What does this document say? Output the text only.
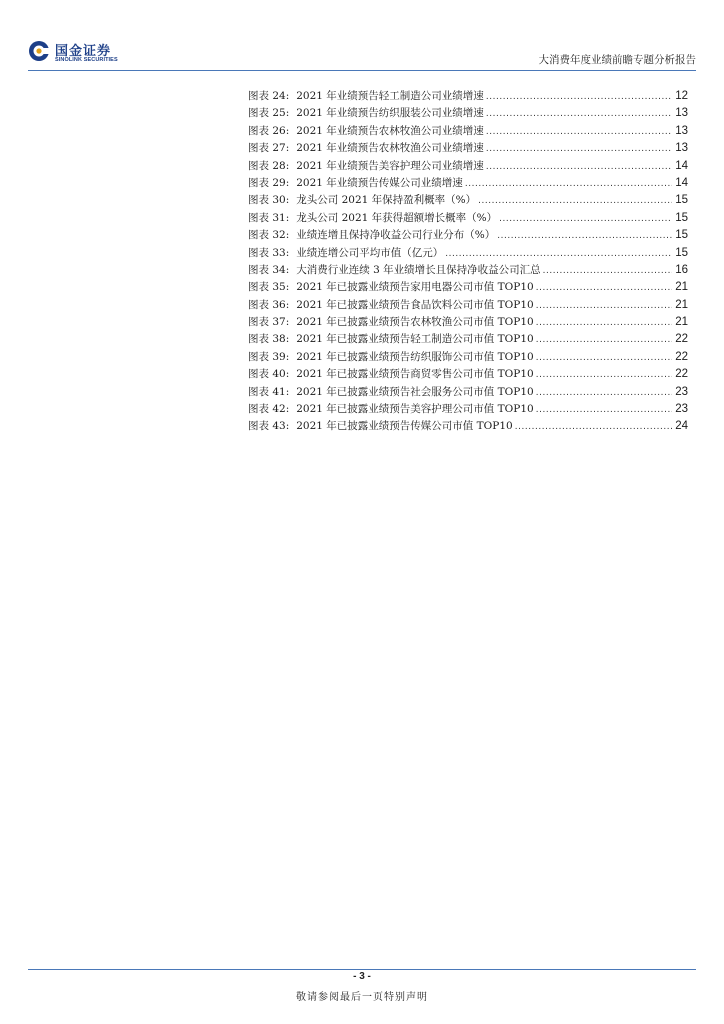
国金证券
SINOLINK SECURITIES	大消费年度业绩前瞻专题分析报告
图表 24: 2021 年业绩预告轻工制造公司业绩增速 .....	12
图表 25: 2021 年业绩预告纺织服装公司业绩增速 .....	13
图表 26: 2021 年业绩预告农林牧渔公司业绩增速 .....	13
图表 27: 2021 年业绩预告农林牧渔公司业绩增速 .....	13
图表 28: 2021 年业绩预告美容护理公司业绩增速 .....	14
图表 29: 2021 年业绩预告传媒公司业绩增速 .....	14
图表 30: 龙头公司 2021 年保持盈利概率（%） .....	15
图表 31: 龙头公司 2021 年获得超额增长概率（%） .....	15
图表 32: 业绩连增且保持净收益公司行业分布（%） .....	15
图表 33: 业绩连增公司平均市值（亿元） .....	15
图表 34: 大消费行业连续 3 年业绩增长且保持净收益公司汇总 .....	16
图表 35: 2021 年已披露业绩预告家用电器公司市值 TOP10 .....	21
图表 36: 2021 年已披露业绩预告食品饮料公司市值 TOP10 .....	21
图表 37: 2021 年已披露业绩预告农林牧渔公司市值 TOP10 .....	21
图表 38: 2021 年已披露业绩预告轻工制造公司市值 TOP10 .....	22
图表 39: 2021 年已披露业绩预告纺织服饰公司市值 TOP10 .....	22
图表 40: 2021 年已披露业绩预告商贸零售公司市值 TOP10 .....	22
图表 41: 2021 年已披露业绩预告社会服务公司市值 TOP10 .....	23
图表 42: 2021 年已披露业绩预告美容护理公司市值 TOP10 .....	23
图表 43: 2021 年已披露业绩预告传媒公司市值 TOP10 .....	24
- 3 -
敬请参阅最后一页特别声明
